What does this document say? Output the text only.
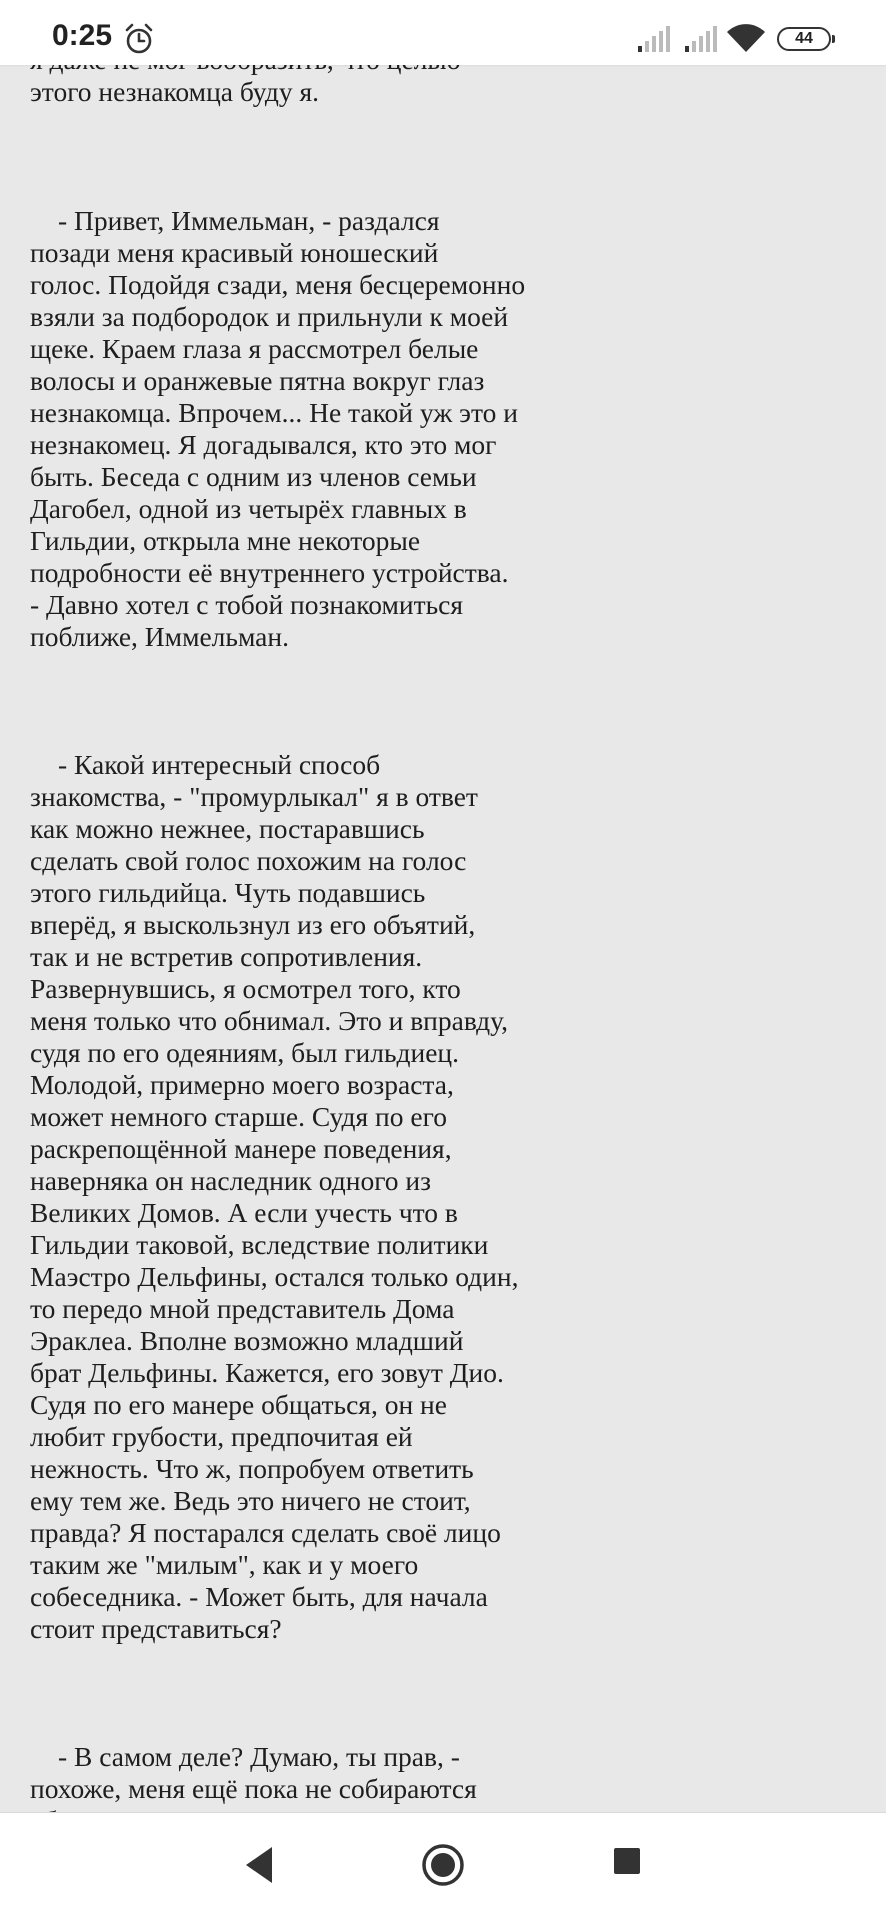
этого незнакомца буду я.

- Привет, Иммельман, - раздался

позади меня красивый юношеский

голос. Подойдя сзади, меня бесцеремонно

взяли за подбородок и прильнули к моей

щеке. Краем глаза я рассмотрел белые

волосы и оранжевые пятна вокруг глаз

незнакомца. Впрочем... Не такой уж это и

незнакомец. Я догадывался, кто это мог

быть. Беседа с одним из членов семьи

Дагобел, одной из четырёх главных в

Гильдии, открыла мне некоторые

подробности её внутреннего устройства.

- Давно хотел с тобой познакомиться

поближе, Иммельман.

- Какой интересный способ

знакомства, - "промурлыкал" я в ответ

как можно нежнее, постаравшись

сделать свой голос похожим на голос

этого гильдийца. Чуть подавшись

вперёд, я выскользнул из его объятий,

так и не встретив сопротивления.

Развернувшись, я осмотрел того, кто

меня только что обнимал. Это и вправду,

судя по его одеяниям, был гильдиец.

Молодой, примерно моего возраста,

может немного старше. Судя по его

раскрепощённой манере поведения,

наверняка он наследник одного из

Великих Домов. А если учесть что в

Гильдии таковой, вследствие политики

Маэстро Дельфины, остался только один,

то передо мной представитель Дома

Эраклеа. Вполне возможно младший

брат Дельфины. Кажется, его зовут Дио.

Судя по его манере общаться, он не

любит грубости, предпочитая ей

нежность. Что ж, попробуем ответить

ему тем же. Ведь это ничего не стоит,

правда? Я постарался сделать своё лицо

таким же "милым", как и у моего

собеседника. - Может быть, для начала

стоит представиться?

- В самом деле? Думаю, ты прав, -

похоже, меня ещё пока не собираются

0:25	44
